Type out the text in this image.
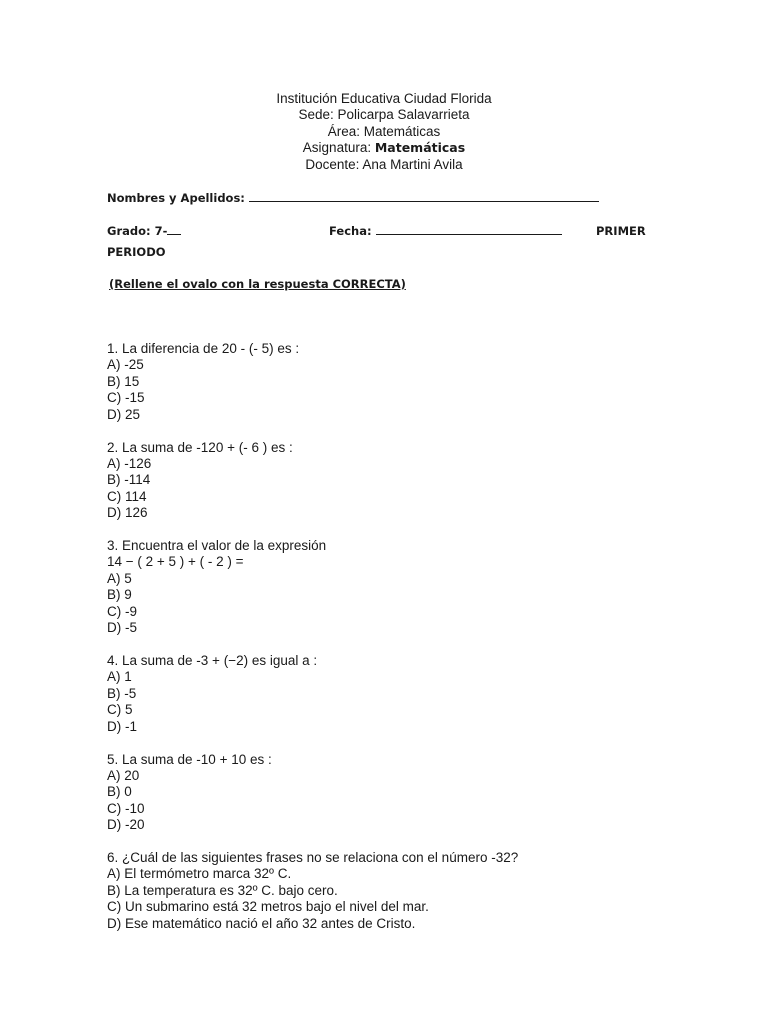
Institución Educativa Ciudad Florida
Sede: Policarpa Salavarrieta
Área: Matemáticas
Asignatura: Matemáticas
Docente: Ana Martini Avila
Nombres y Apellidos:
Grado: 7-	Fecha:	PRIMER
PERIODO
(Rellene el ovalo con la respuesta CORRECTA)
1. La diferencia de 20 - (- 5) es :
A) -25
B) 15
C) -15
D) 25
2. La suma de -120 + (- 6 ) es :
A) -126
B) -114
C) 114
D) 126
3. Encuentra el valor de la expresión
14 − ( 2 + 5 ) + ( - 2 ) =
A) 5
B) 9
C) -9
D) -5
4. La suma de -3 + (−2) es igual a :
A) 1
B) -5
C) 5
D) -1
5. La suma de -10 + 10 es :
A) 20
B) 0
C) -10
D) -20
6. ¿Cuál de las siguientes frases no se relaciona con el número -32?
A) El termómetro marca 32º C.
B) La temperatura es 32º C. bajo cero.
C) Un submarino está 32 metros bajo el nivel del mar.
D) Ese matemático nació el año 32 antes de Cristo.
